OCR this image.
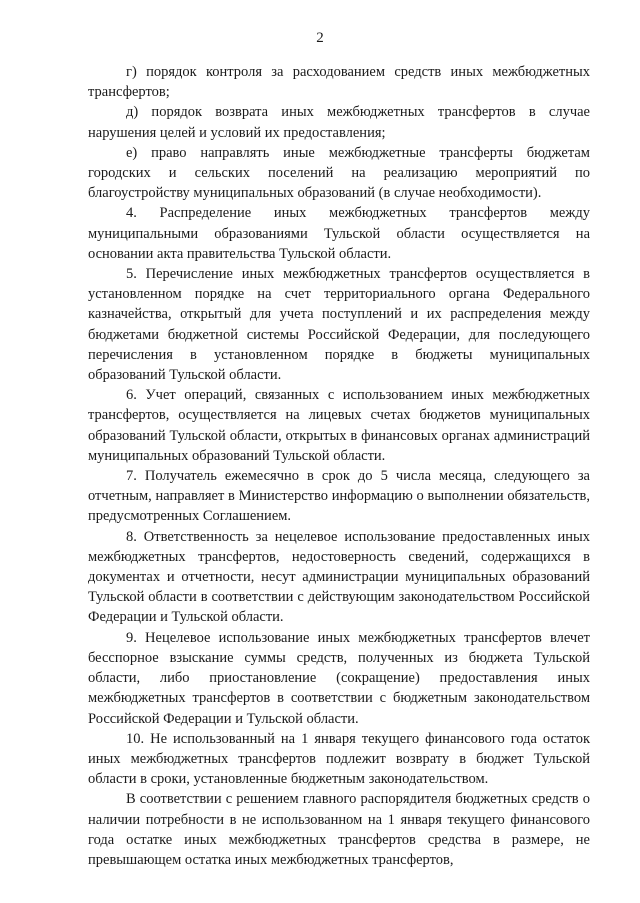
2

г) порядок контроля за расходованием средств иных межбюджетных трансфертов;

д) порядок возврата иных межбюджетных трансфертов в случае нарушения целей и условий их предоставления;

е) право направлять иные межбюджетные трансферты бюджетам городских и сельских поселений на реализацию мероприятий по благоустройству муниципальных образований (в случае необходимости).

4. Распределение иных межбюджетных трансфертов между муниципальными образованиями Тульской области осуществляется на основании акта правительства Тульской области.

5. Перечисление иных межбюджетных трансфертов осуществляется в установленном порядке на счет территориального органа Федерального казначейства, открытый для учета поступлений и их распределения между бюджетами бюджетной системы Российской Федерации, для последующего перечисления в установленном порядке в бюджеты муниципальных образований Тульской области.

6. Учет операций, связанных с использованием иных межбюджетных трансфертов, осуществляется на лицевых счетах бюджетов муниципальных образований Тульской области, открытых в финансовых органах администраций муниципальных образований Тульской области.

7. Получатель ежемесячно в срок до 5 числа месяца, следующего за отчетным, направляет в Министерство информацию о выполнении обязательств, предусмотренных Соглашением.

8. Ответственность за нецелевое использование предоставленных иных межбюджетных трансфертов, недостоверность сведений, содержащихся в документах и отчетности, несут администрации муниципальных образований Тульской области в соответствии с действующим законодательством Российской Федерации и Тульской области.

9. Нецелевое использование иных межбюджетных трансфертов влечет бесспорное взыскание суммы средств, полученных из бюджета Тульской области, либо приостановление (сокращение) предоставления иных межбюджетных трансфертов в соответствии с бюджетным законодательством Российской Федерации и Тульской области.

10. Не использованный на 1 января текущего финансового года остаток иных межбюджетных трансфертов подлежит возврату в бюджет Тульской области в сроки, установленные бюджетным законодательством.

В соответствии с решением главного распорядителя бюджетных средств о наличии потребности в не использованном на 1 января текущего финансового года остатке иных межбюджетных трансфертов средства в размере, не превышающем остатка иных межбюджетных трансфертов,
